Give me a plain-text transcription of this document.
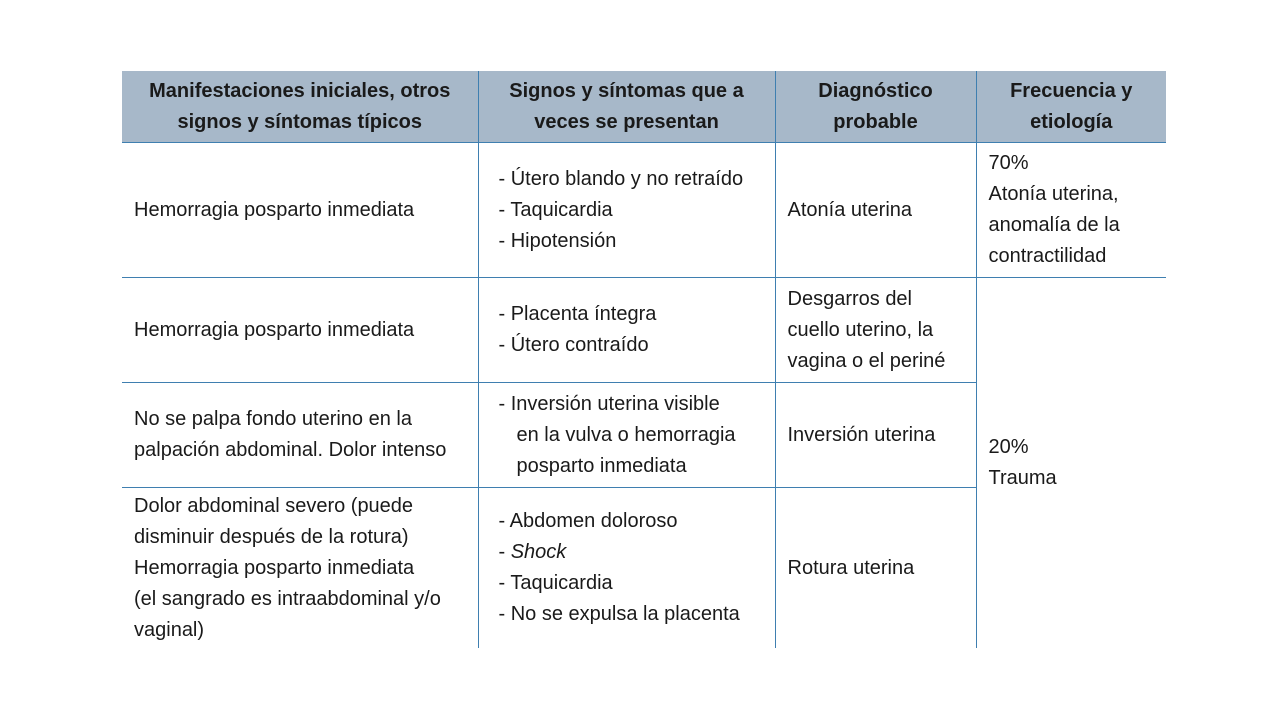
Manifestaciones iniciales, otros
signos y síntomas típicos	Signos y síntomas que a
veces se presentan	Diagnóstico
probable	Frecuencia y
etiología

Hemorragia posparto inmediata	- Útero blando y no retraído
- Taquicardia
- Hipotensión	Atonía uterina	70%
Atonía uterina,
anomalía de la
contractilidad

Hemorragia posparto inmediata	- Placenta íntegra
- Útero contraído	Desgarros del
cuello uterino, la
vagina o el periné	20%
Trauma

No se palpa fondo uterino en la
palpación abdominal. Dolor intenso	- Inversión uterina visible
en la vulva o hemorragia
posparto inmediata	Inversión uterina	

Dolor abdominal severo (puede
disminuir después de la rotura)
Hemorragia posparto inmediata
(el sangrado es intraabdominal y/o
vaginal)	- Abdomen doloroso
- Shock
- Taquicardia
- No se expulsa la placenta	Rotura uterina	
